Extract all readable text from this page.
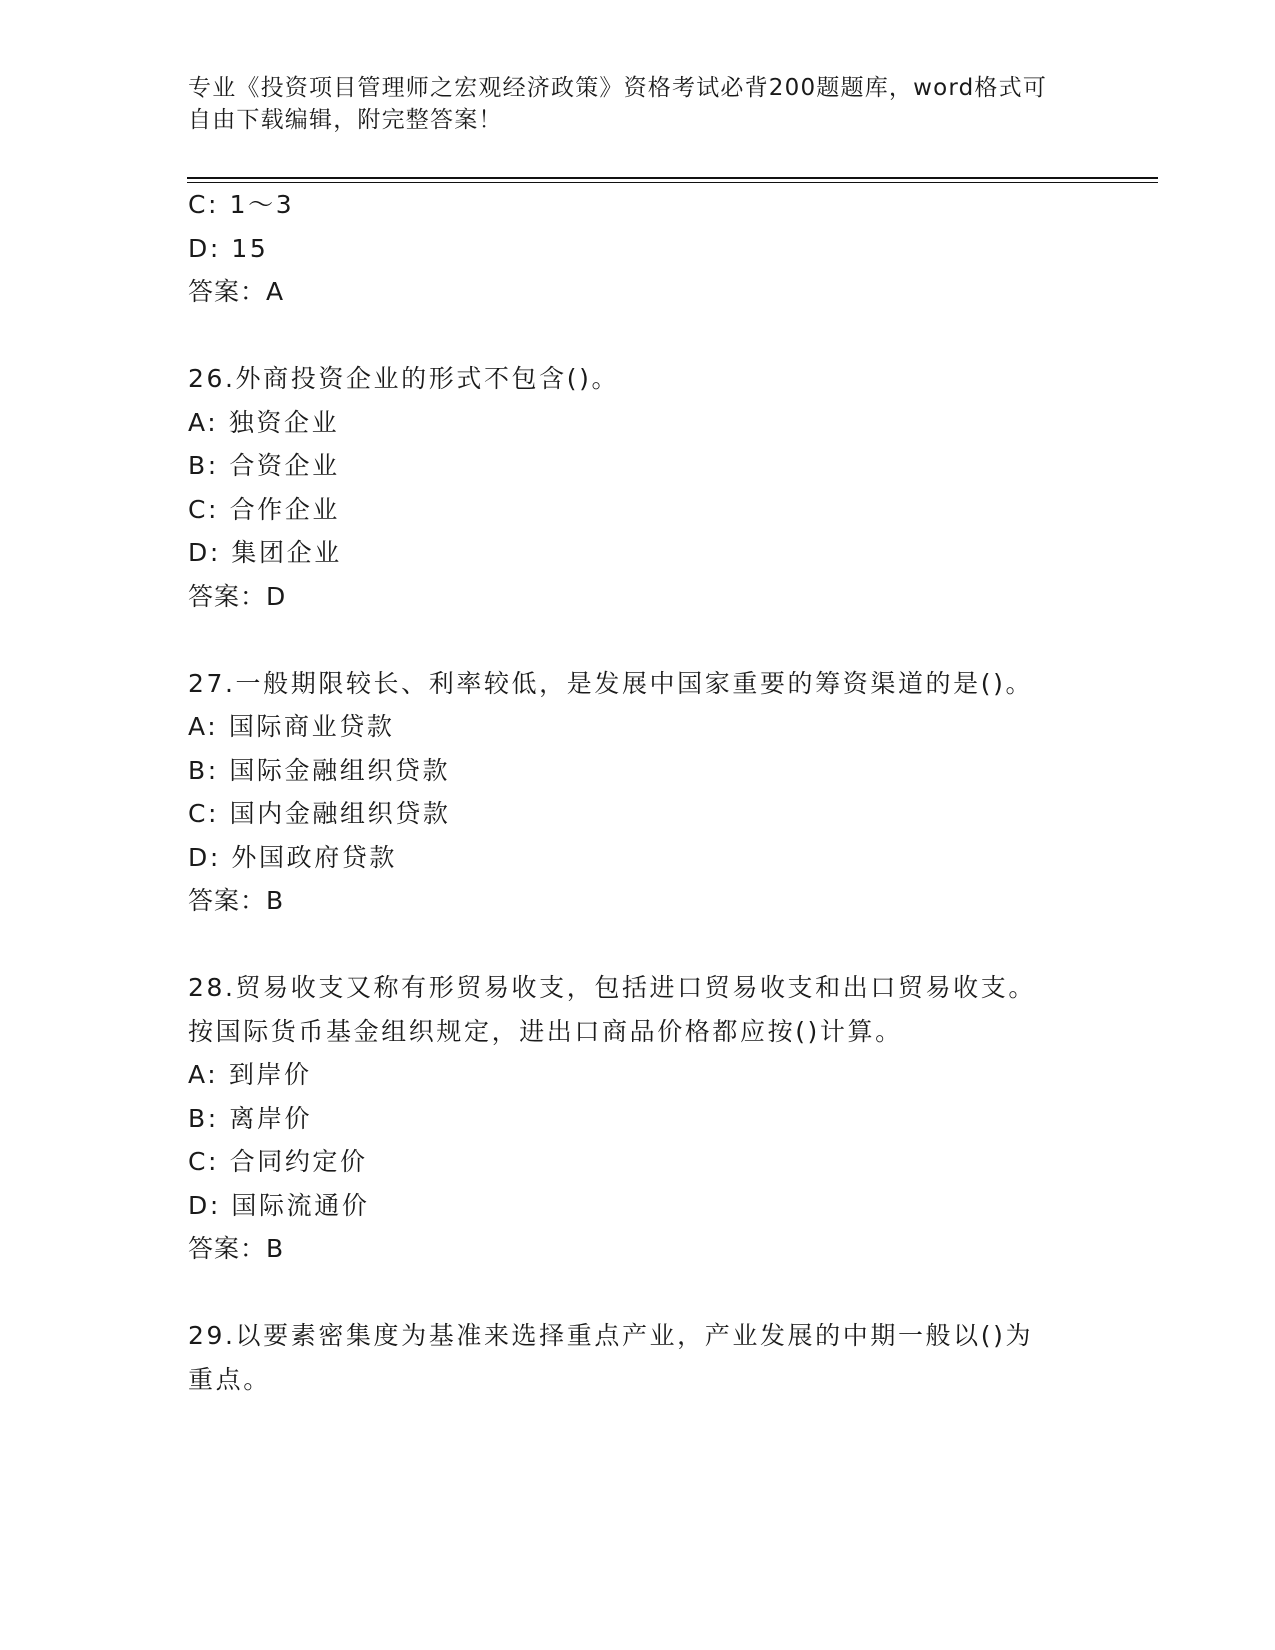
专业《投资项目管理师之宏观经济政策》资格考试必背200题题库，word格式可

自由下载编辑，附完整答案！

C: 1～3

D: 15

答案：A

26.外商投资企业的形式不包含()。

A: 独资企业

B: 合资企业

C: 合作企业

D: 集团企业

答案：D

27.一般期限较长、利率较低，是发展中国家重要的筹资渠道的是()。

A: 国际商业贷款

B: 国际金融组织贷款

C: 国内金融组织贷款

D: 外国政府贷款

答案：B

28.贸易收支又称有形贸易收支，包括进口贸易收支和出口贸易收支。

按国际货币基金组织规定，进出口商品价格都应按()计算。

A: 到岸价

B: 离岸价

C: 合同约定价

D: 国际流通价

答案：B

29.以要素密集度为基准来选择重点产业，产业发展的中期一般以()为

重点。
